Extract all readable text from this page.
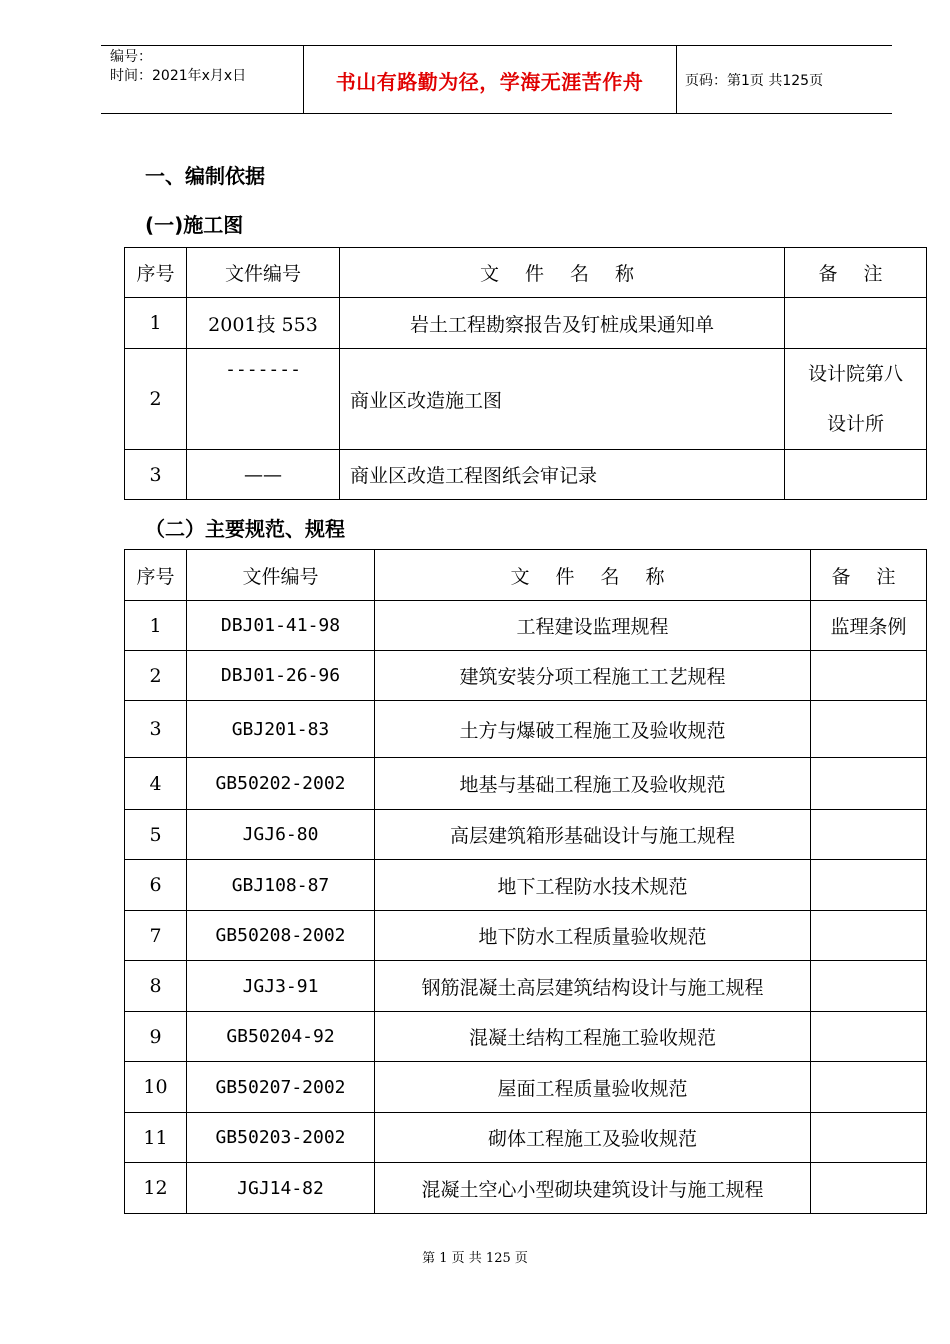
编号：
时间：2021年x月x日	书山有路勤为径，学海无涯苦作舟	页码：第1页 共125页
一、编制依据
(一)施工图
序号	文件编号	文 件 名 称	备 注
1	2001技 553	岩土工程勘察报告及钉桩成果通知单	
2	-------	商业区改造施工图	设计院第八
设计所

3	——	商业区改造工程图纸会审记录	
（二）主要规范、规程
序号	文件编号	文 件 名 称	备 注
1	DBJ01-41-98	工程建设监理规程	监理条例
2	DBJ01-26-96	建筑安装分项工程施工工艺规程	
3	GBJ201-83	土方与爆破工程施工及验收规范	
4	GB50202-2002	地基与基础工程施工及验收规范	
5	JGJ6-80	高层建筑箱形基础设计与施工规程	
6	GBJ108-87	地下工程防水技术规范	
7	GB50208-2002	地下防水工程质量验收规范	
8	JGJ3-91	钢筋混凝土高层建筑结构设计与施工规程	
9	GB50204-92	混凝土结构工程施工验收规范	
10	GB50207-2002	屋面工程质量验收规范	
11	GB50203-2002	砌体工程施工及验收规范	
12	JGJ14-82	混凝土空心小型砌块建筑设计与施工规程	
第 1 页 共 125 页
